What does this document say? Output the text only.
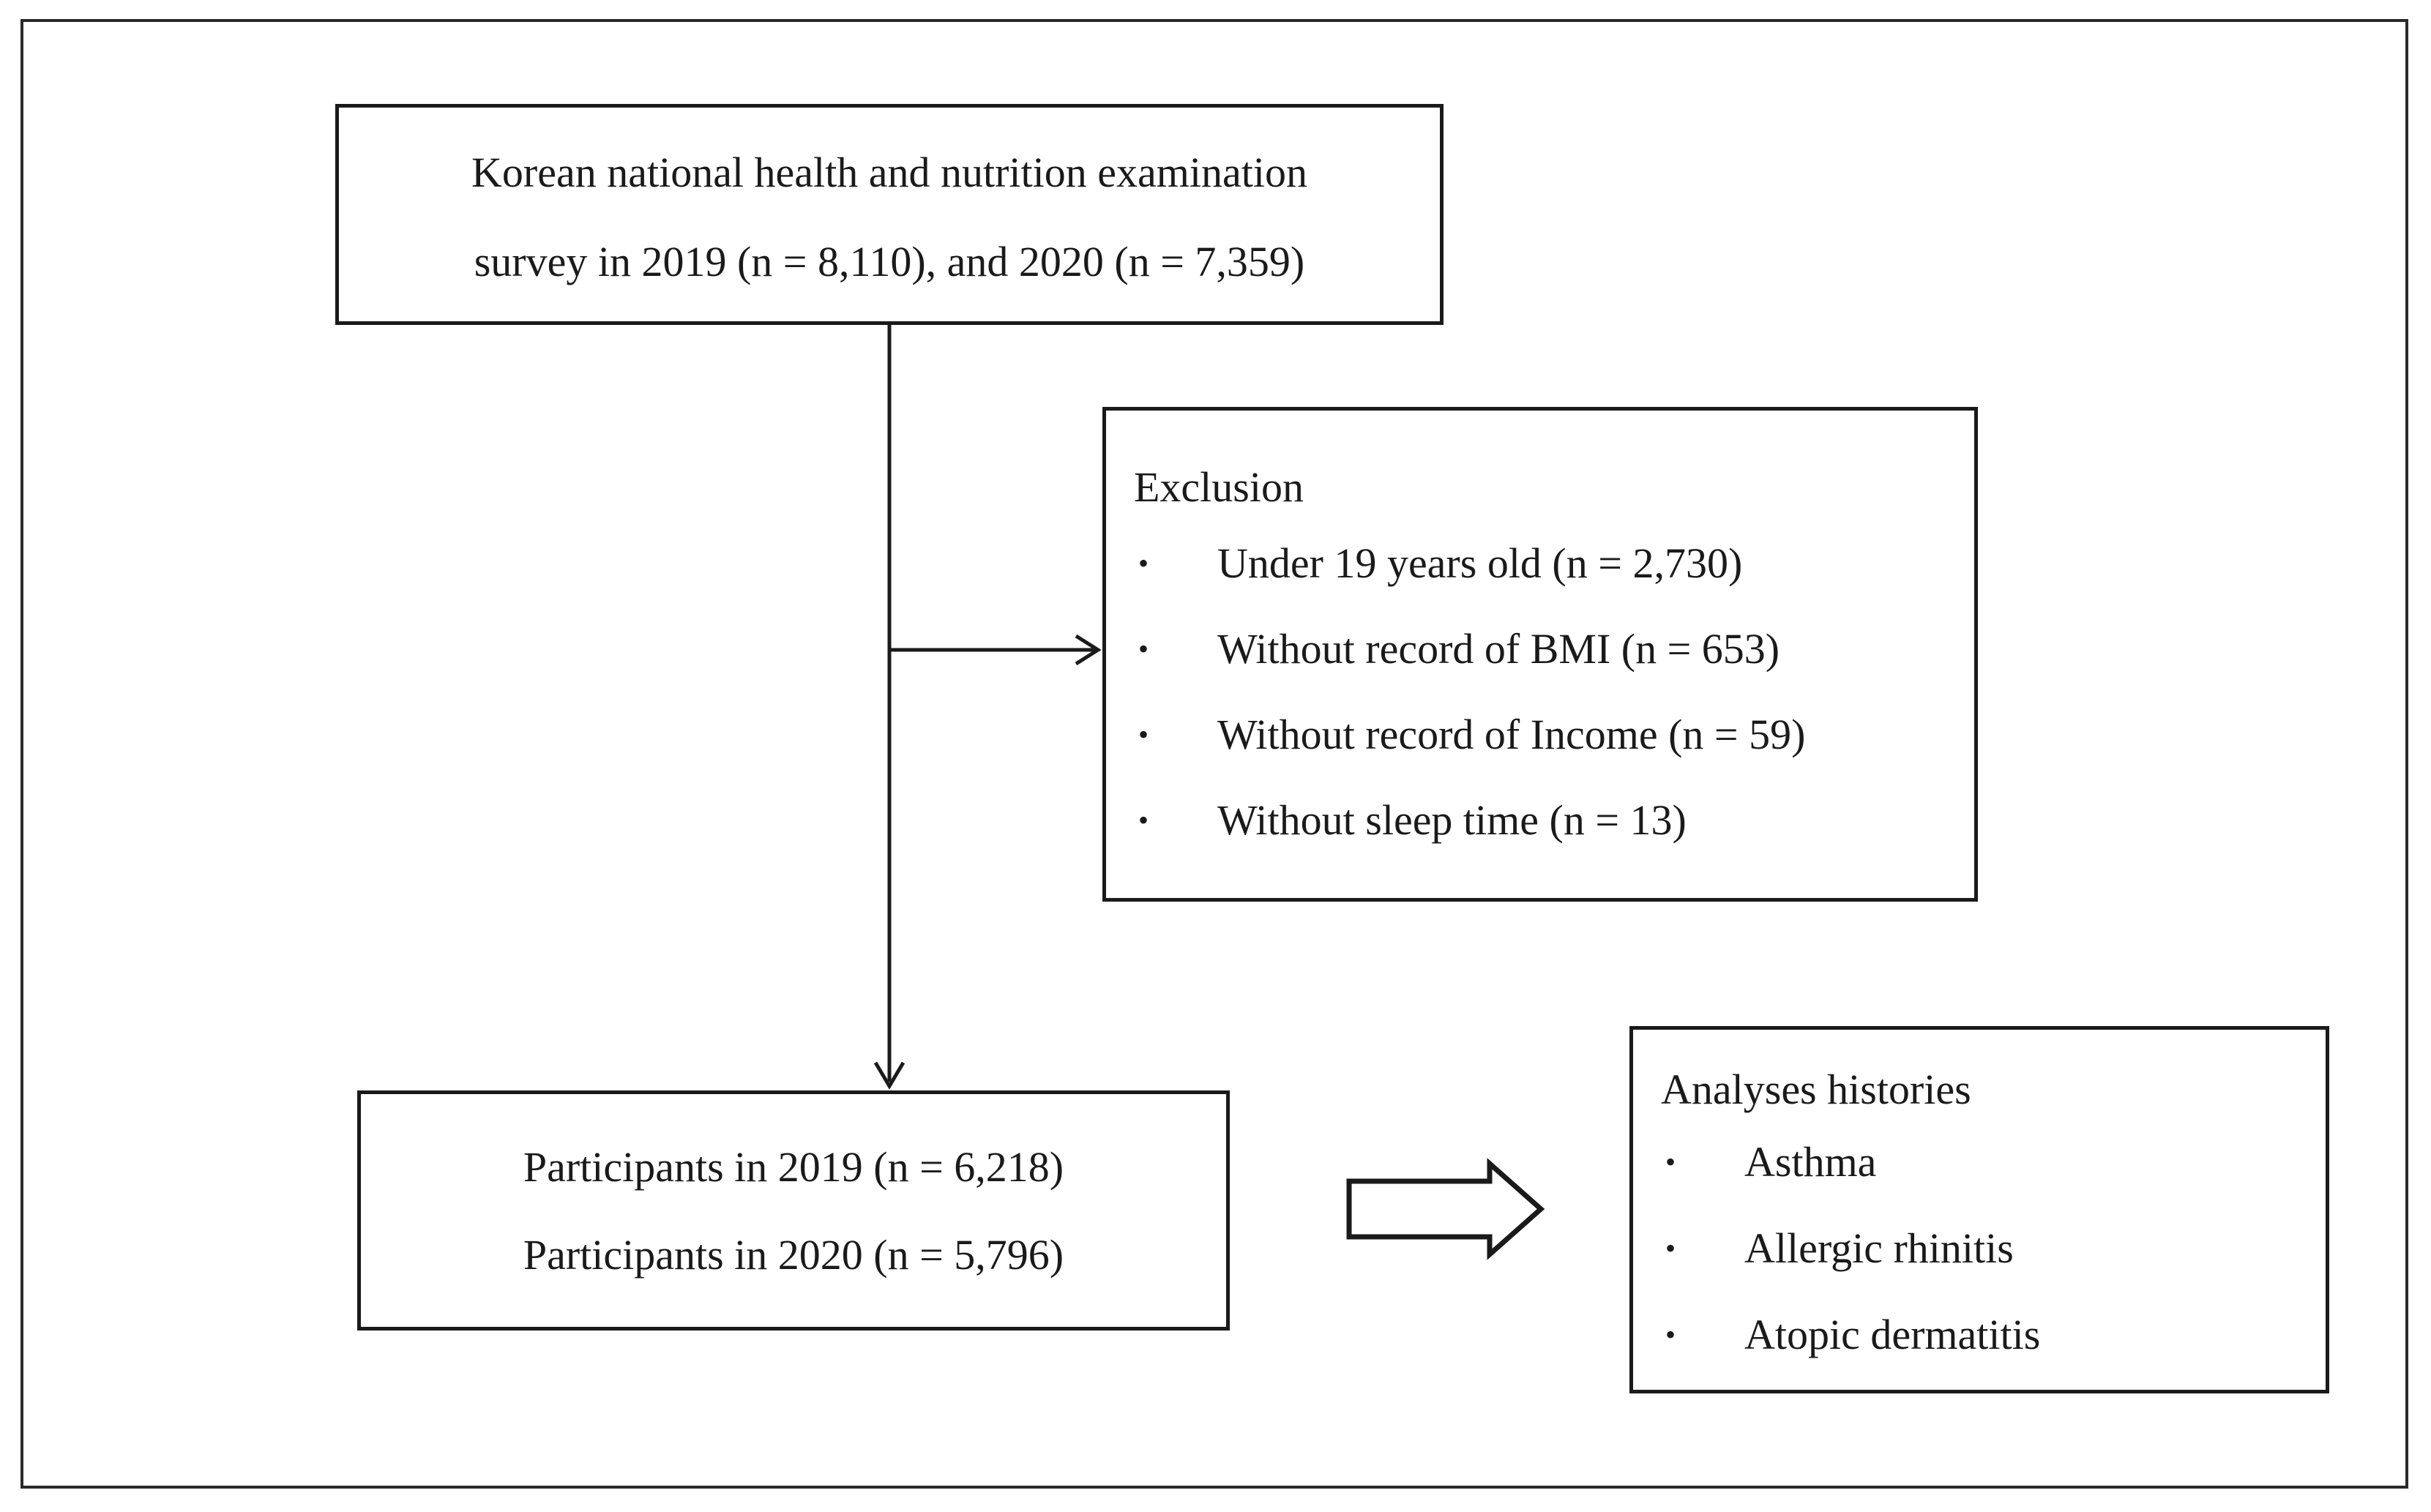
Korean national health and nutrition examination
survey in 2019 (n = 8,110), and 2020 (n = 7,359)
Exclusion
• Under 19 years old (n = 2,730)
• Without record of BMI (n = 653)
• Without record of Income (n = 59)
• Without sleep time (n = 13)
Participants in 2019 (n = 6,218)
Participants in 2020 (n = 5,796)
Analyses histories
• Asthma
• Allergic rhinitis
• Atopic dermatitis
